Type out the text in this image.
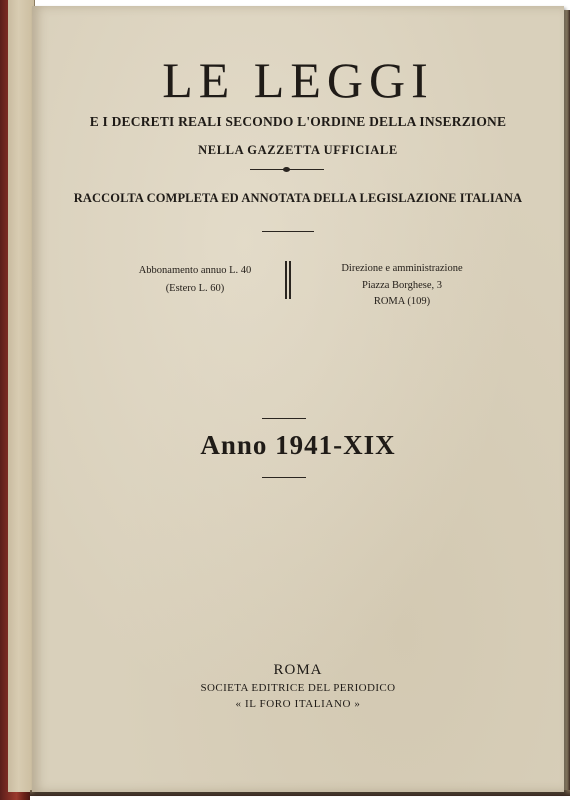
LE LEGGI
E I DECRETI REALI SECONDO L'ORDINE DELLA INSERZIONE
NELLA GAZZETTA UFFICIALE
RACCOLTA COMPLETA ED ANNOTATA DELLA LEGISLAZIONE ITALIANA
Abbonamento annuo L. 40
(Estero L. 60)
Direzione e amministrazione
Piazza Borghese, 3
ROMA (109)
Anno 1941-XIX
ROMA
SOCIETA EDITRICE DEL PERIODICO
« IL FORO ITALIANO »
